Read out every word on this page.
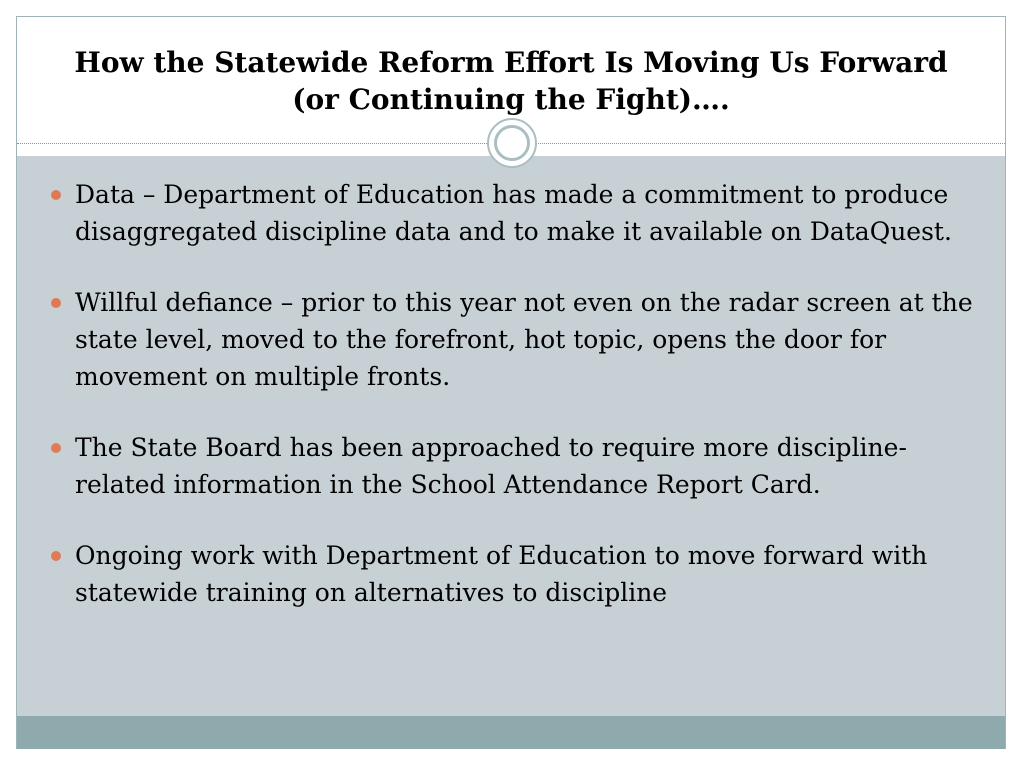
How the Statewide Reform Effort Is Moving Us Forward (or Continuing the Fight)….
Data – Department of Education has made a commitment to produce disaggregated discipline data and to make it available on DataQuest.
Willful defiance – prior to this year not even on the radar screen at the state level, moved to the forefront, hot topic, opens the door for movement on multiple fronts.
The State Board has been approached to require more discipline-related information in the School Attendance Report Card.
Ongoing work with Department of Education to move forward with statewide training on alternatives to discipline
